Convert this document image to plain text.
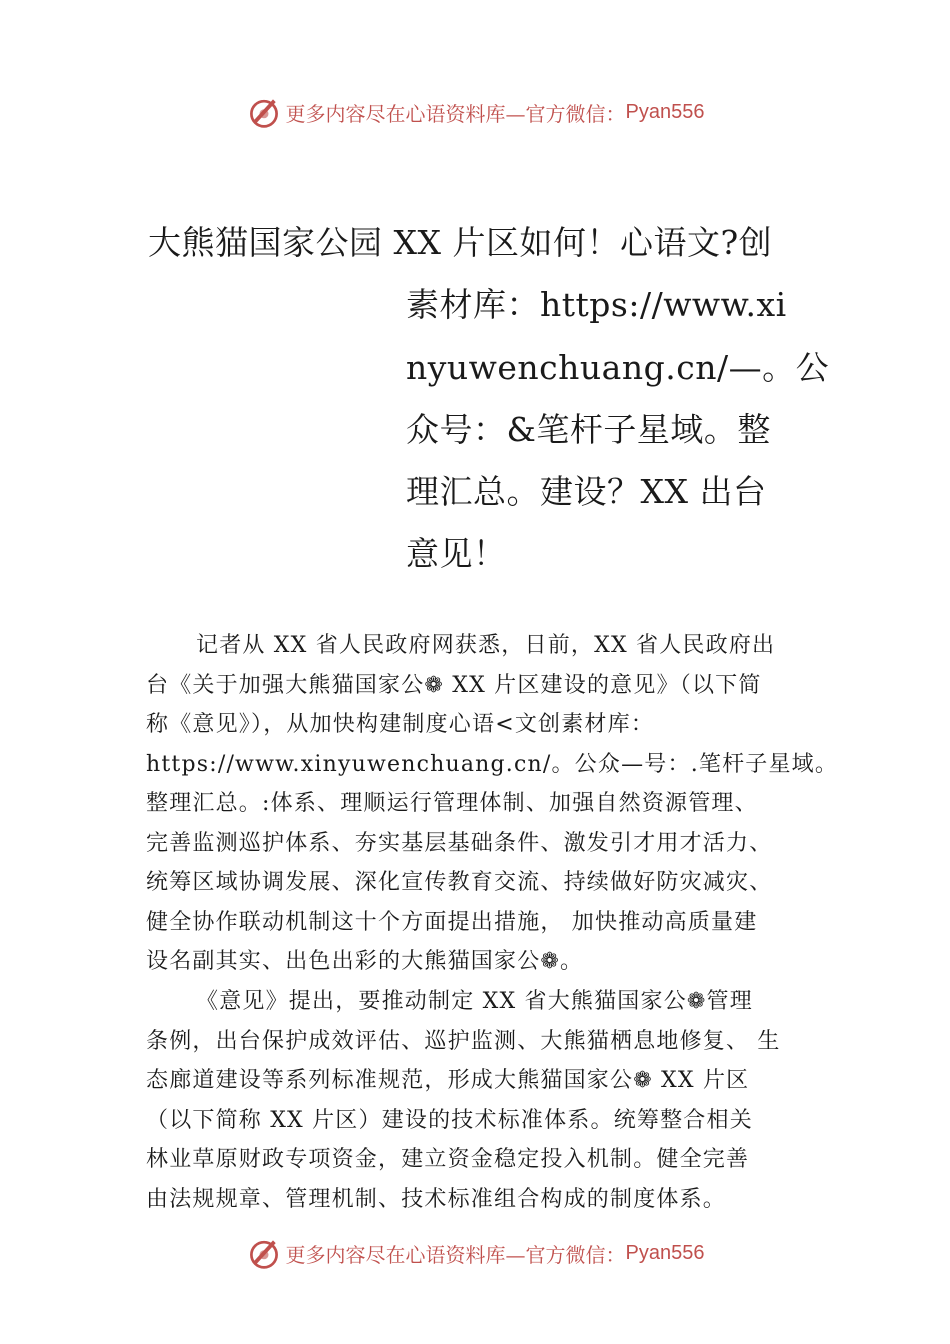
更多内容尽在心语资料库—官方微信： Pyan556
大熊猫国家公园 XX 片区如何！心语文?创
素材库：https://www.xi
nyuwenchuang.cn/—。公
众号：&笔杆子星域。整
理汇总。建设？XX 出台
意见！
记者从 XX 省人民政府网获悉，日前，XX 省人民政府出
台《关于加强大熊猫国家公❁ XX 片区建设的意见》（以下简
称《意见》），从加快构建制度心语<文创素材库：
https://www.xinyuwenchuang.cn/。公众—号：.笔杆子星域。
整理汇总。:体系、理顺运行管理体制、加强自然资源管理、
完善监测巡护体系、夯实基层基础条件、激发引才用才活力、
统筹区域协调发展、深化宣传教育交流、持续做好防灾减灾、
健全协作联动机制这十个方面提出措施， 加快推动高质量建
设名副其实、出色出彩的大熊猫国家公❁。
《意见》提出，要推动制定 XX 省大熊猫国家公❁管理
条例，出台保护成效评估、巡护监测、大熊猫栖息地修复、 生
态廊道建设等系列标准规范，形成大熊猫国家公❁ XX 片区
（以下简称 XX 片区）建设的技术标准体系。统筹整合相关
林业草原财政专项资金，建立资金稳定投入机制。健全完善
由法规规章、管理机制、技术标准组合构成的制度体系。
更多内容尽在心语资料库—官方微信： Pyan556
